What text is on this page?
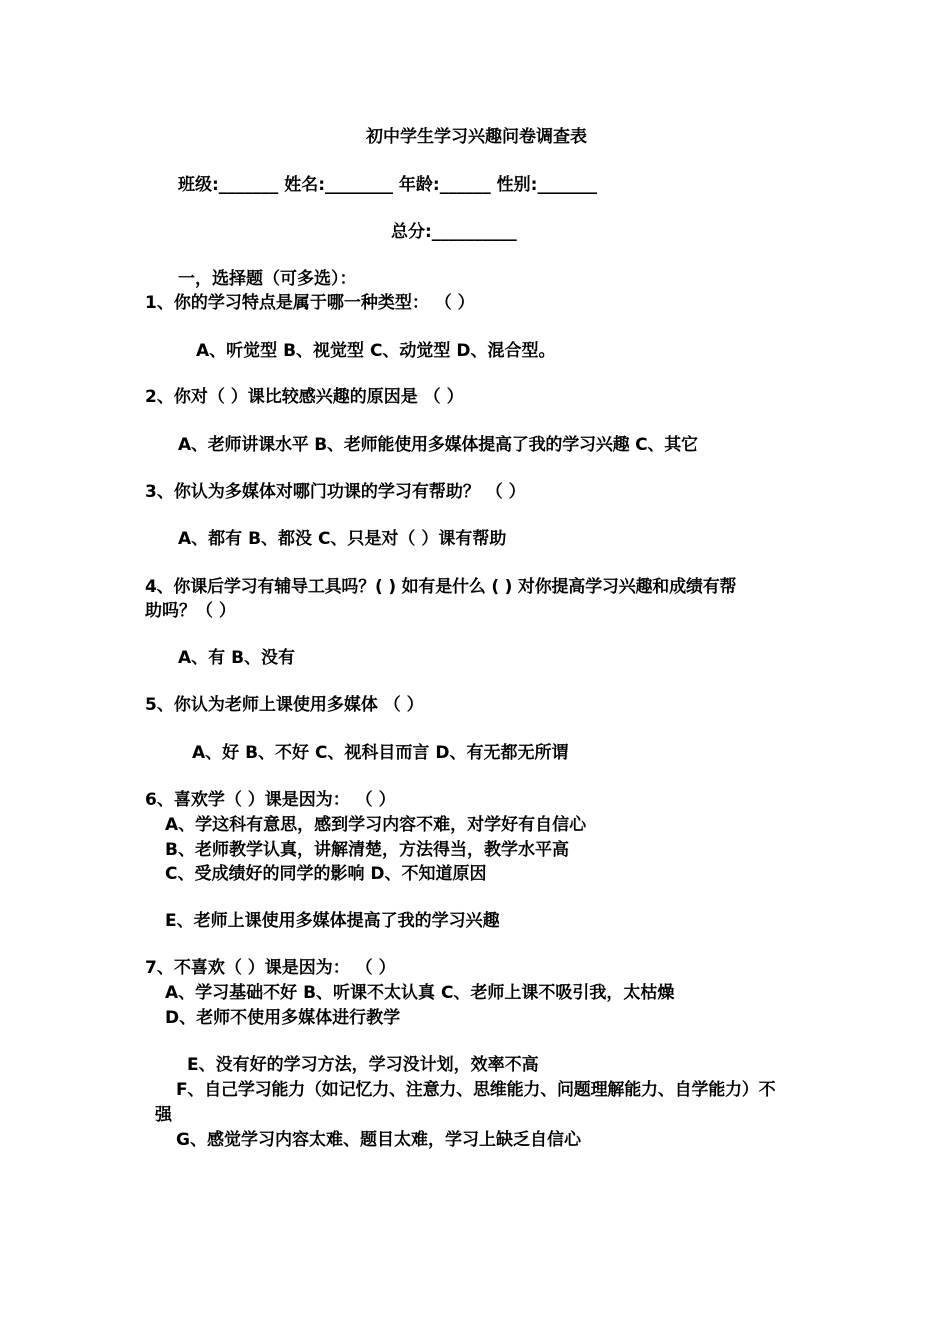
初中学生学习兴趣问卷调查表
班级:_______ 姓名:________ 年龄:______ 性别:_______
总分:__________
一，选择题（可多选）：
1、你的学习特点是属于哪一种类型： （ ）
A、听觉型 B、视觉型 C、动觉型 D、混合型。
2、你对（ ）课比较感兴趣的原因是 （ ）
A、老师讲课水平 B、老师能使用多媒体提高了我的学习兴趣 C、其它
3、你认为多媒体对哪门功课的学习有帮助？ （ ）
A、都有 B、都没 C、只是对（ ）课有帮助
4、你课后学习有辅导工具吗？( ) 如有是什么 ( ) 对你提高学习兴趣和成绩有帮
助吗？（ ）
A、有 B、没有
5、你认为老师上课使用多媒体 （ ）
A、好 B、不好 C、视科目而言 D、有无都无所谓
6、喜欢学（ ）课是因为： （ ）
A、学这科有意思，感到学习内容不难，对学好有自信心
B、老师教学认真，讲解清楚，方法得当，教学水平高
C、受成绩好的同学的影响 D、不知道原因
E、老师上课使用多媒体提高了我的学习兴趣
7、不喜欢（ ）课是因为： （ ）
A、学习基础不好 B、听课不太认真 C、老师上课不吸引我，太枯燥
D、老师不使用多媒体进行教学
E、没有好的学习方法，学习没计划，效率不高
F、自己学习能力（如记忆力、注意力、思维能力、问题理解能力、自学能力）不
强
G、感觉学习内容太难、题目太难，学习上缺乏自信心
